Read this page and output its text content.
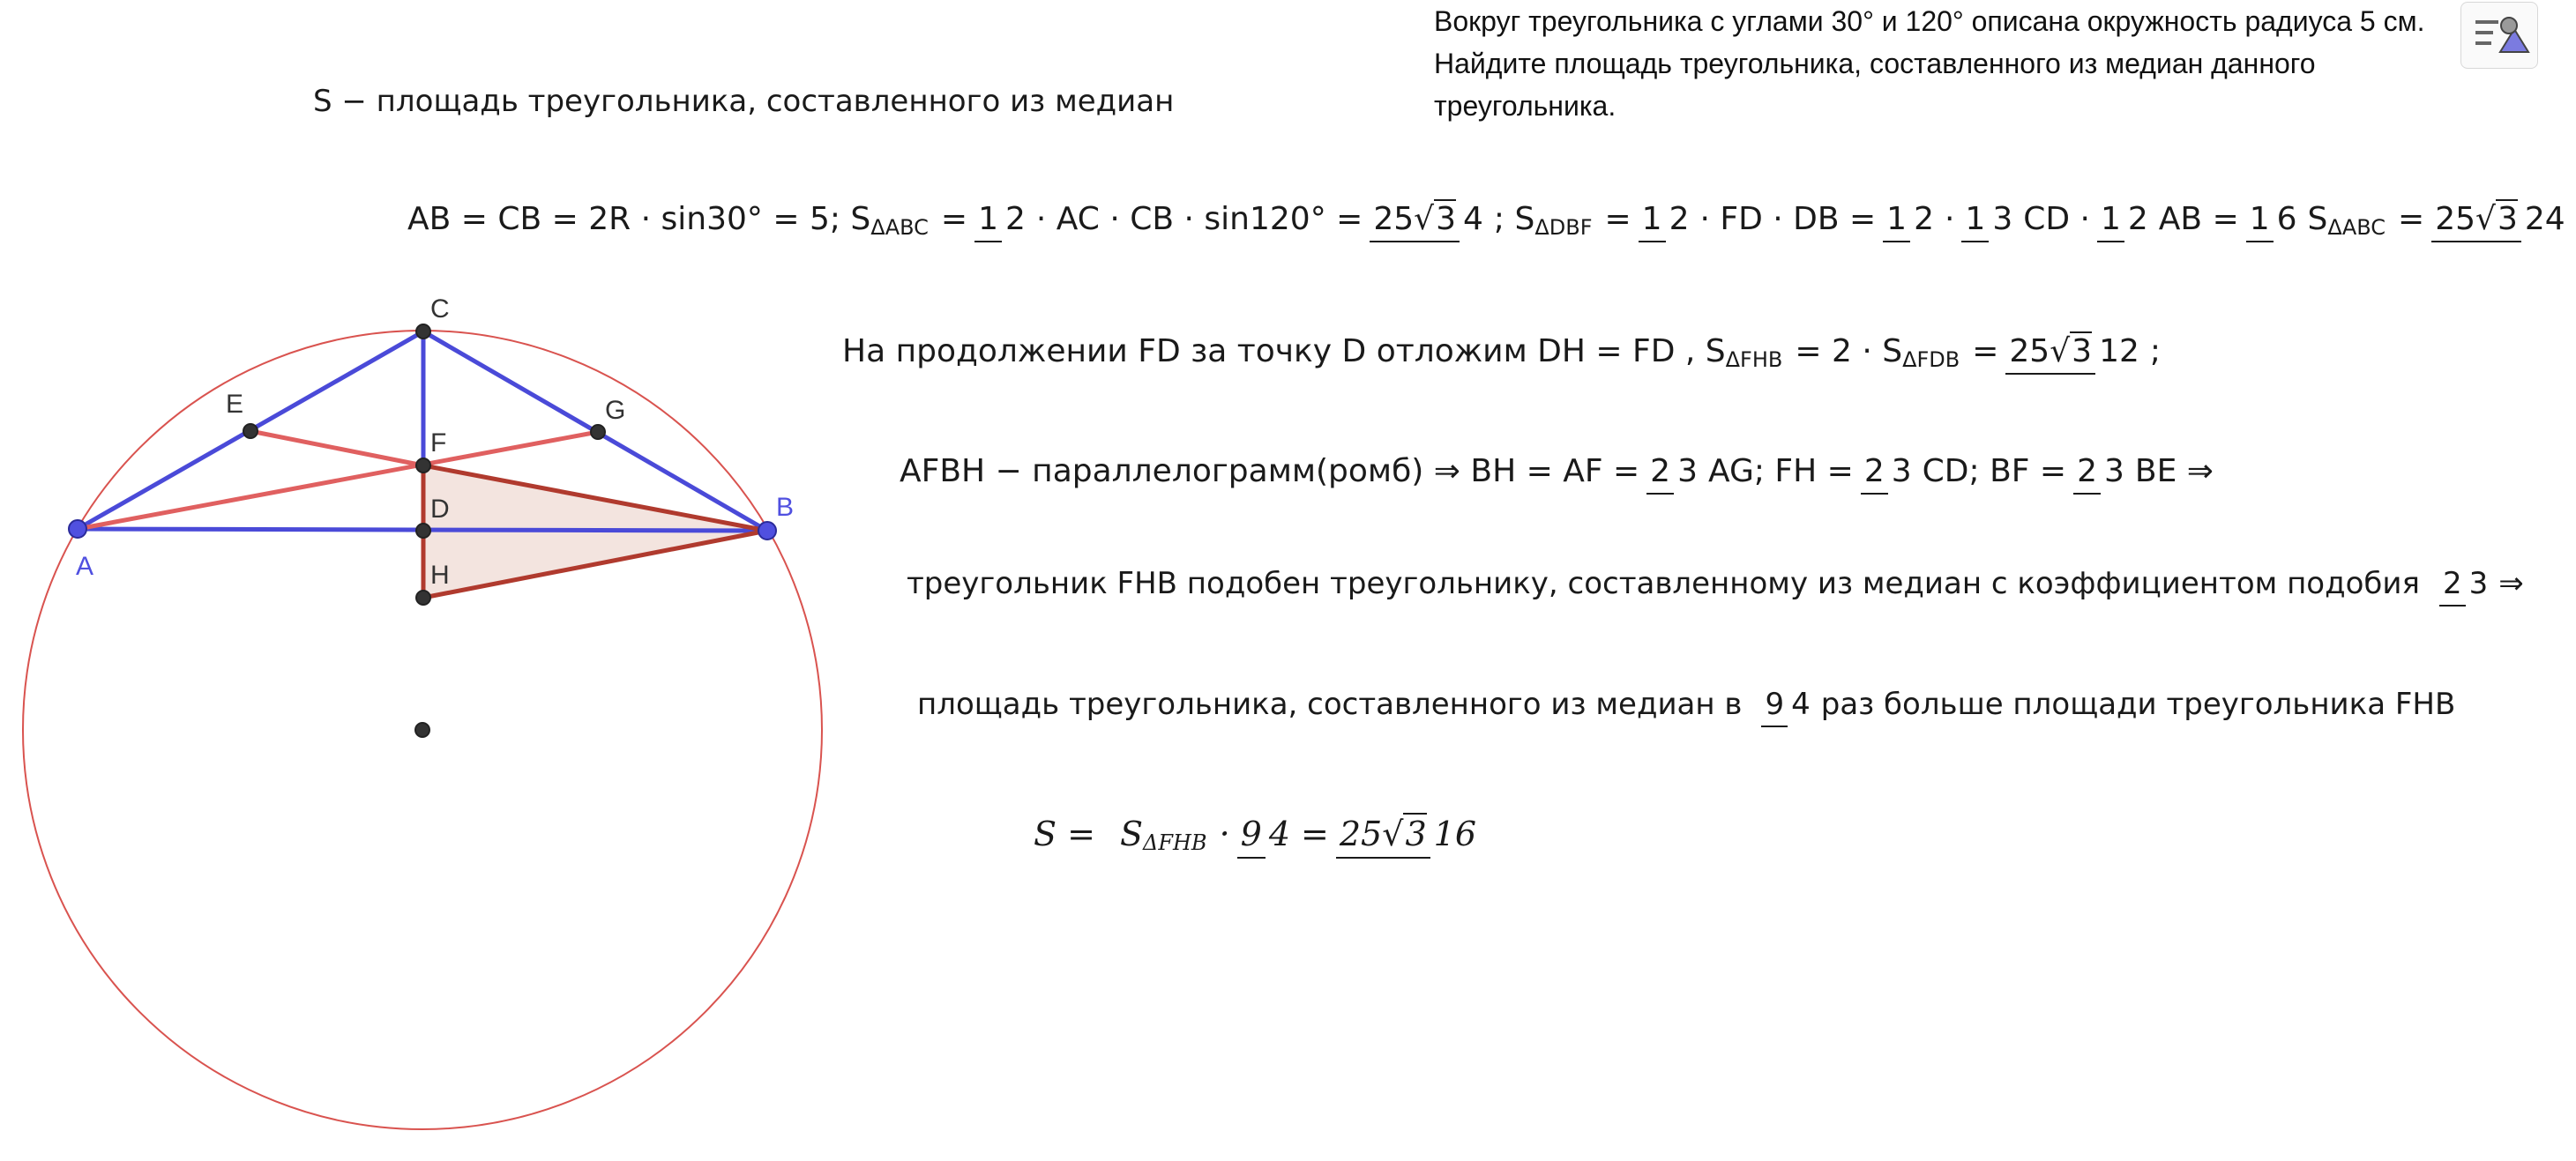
Вокруг треугольника с углами 30° и 120° описана окружность радиуса 5 см.
Найдите площадь треугольника, составленного из медиан данного
треугольника.
S − площадь треугольника, составленного из медиан
AB = CB = 2R · sin30° = 5; S ΔABC = 1 2 · AC · CB · sin120° = 25√3 4 ; S ΔDBF = 1 2 · FD · DB = 1 2 · 1 3 CD · 1 2 AB = 1 6 S ΔABC = 25√3 24
На продолжении FD за точку D отложим DH = FD , S ΔFHB = 2 · S ΔFDB = 25√3 12 ;
AFBH − параллелограмм(ромб) ⇒ BH = AF = 2 3 AG; FH = 2 3 CD; BF = 2 3 BE ⇒
треугольник FHB подобен треугольнику, составленному из медиан с коэффициентом подобия 2 3 ⇒
площадь треугольника, составленного из медиан в 9 4 раз больше площади треугольника FHB
S = S ΔFHB · 9 4 = 25√3 16
C
E	G
F
D
H
A
B
